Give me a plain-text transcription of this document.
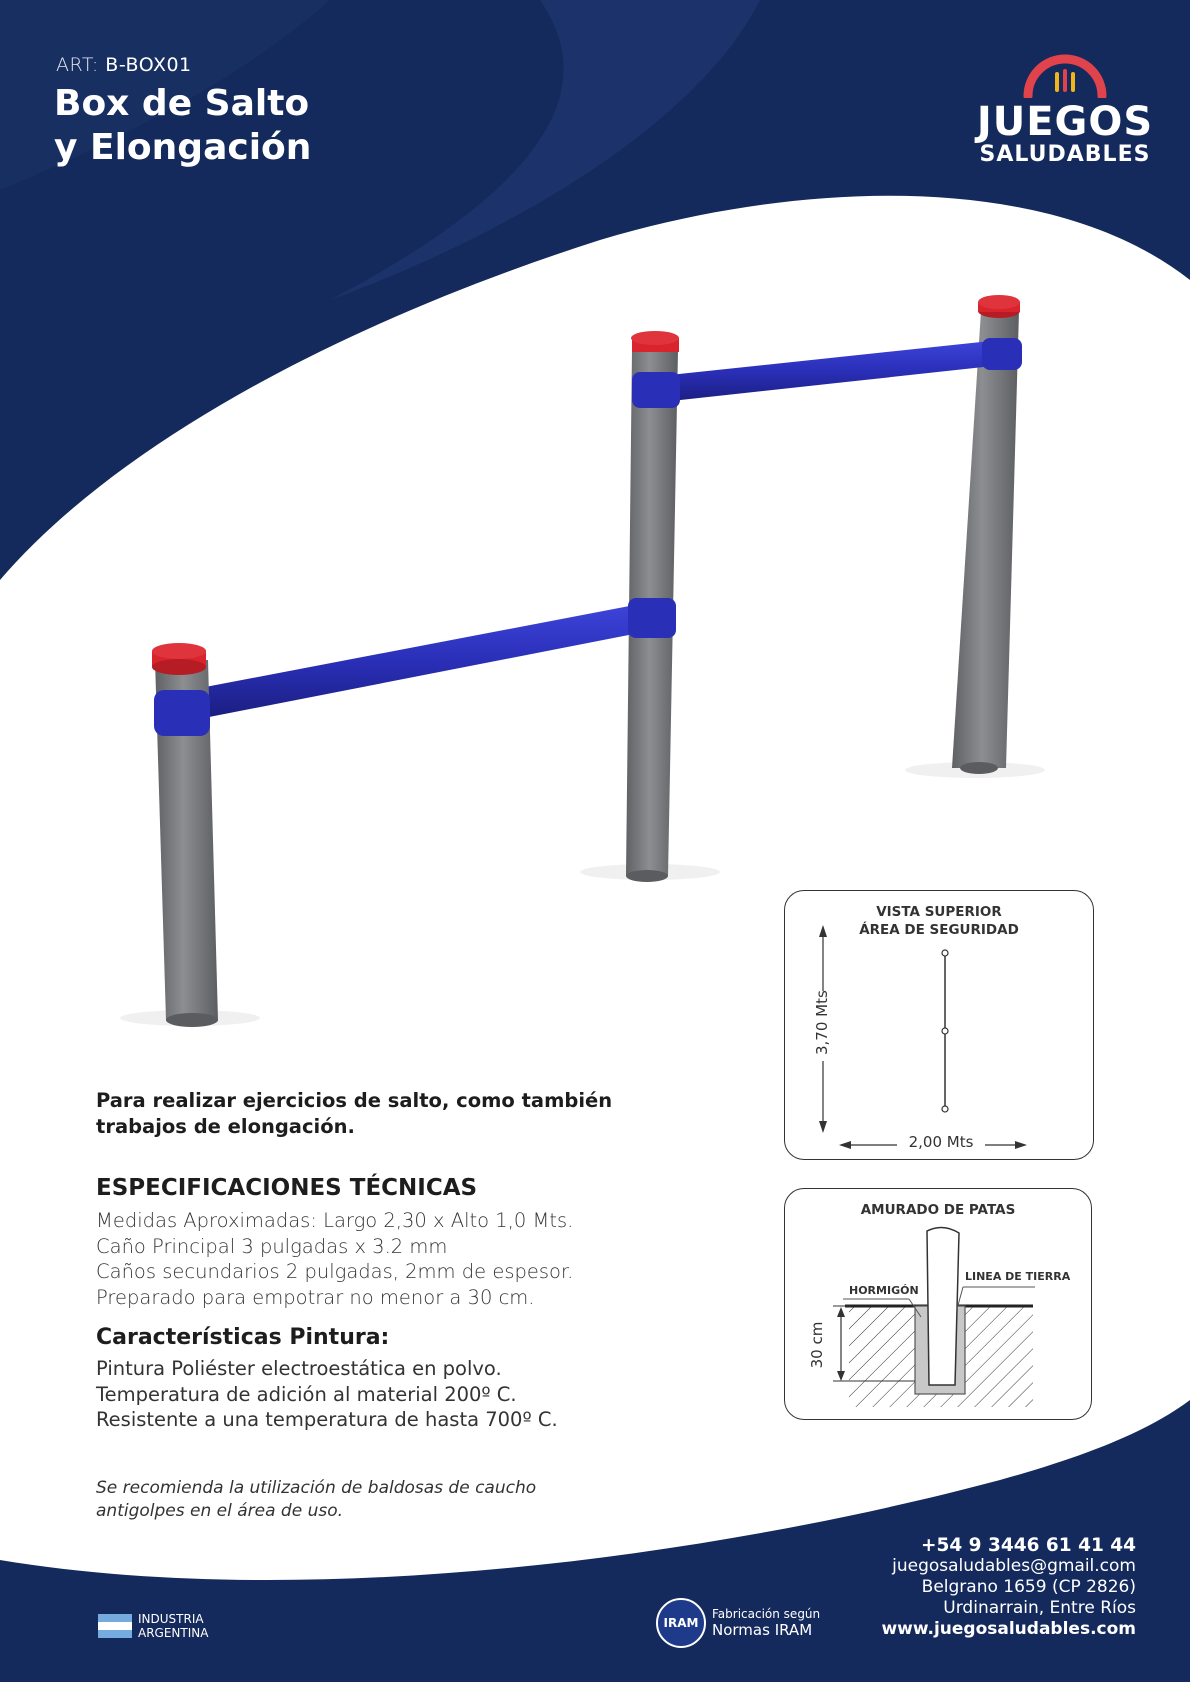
ART: B-BOX01
Box de Salto
y Elongación
JUEGOS
SALUDABLES
Para realizar ejercicios de salto, como también
trabajos de elongación.
ESPECIFICACIONES TÉCNICAS
Medidas Aproximadas: Largo 2,30 x Alto 1,0 Mts.
Caño Principal 3 pulgadas x 3.2 mm
Caños secundarios 2 pulgadas, 2mm de espesor.
Preparado para empotrar no menor a 30 cm.
Características Pintura:
Pintura Poliéster electroestática en polvo.
Temperatura de adición al material 200º C.
Resistente a una temperatura de hasta 700º C.
Se recomienda la utilización de baldosas de caucho
antigolpes en el área de uso.
VISTA SUPERIOR
ÁREA DE SEGURIDAD
3,70 Mts
2,00 Mts
AMURADO DE PATAS
HORMIGÓN
LINEA DE TIERRA
30 cm
INDUSTRIA
ARGENTINA
IRAM
Fabricación según
Normas IRAM
+54 9 3446 61 41 44
juegosaludables@gmail.com
Belgrano 1659 (CP 2826)
Urdinarrain, Entre Ríos
www.juegosaludables.com
